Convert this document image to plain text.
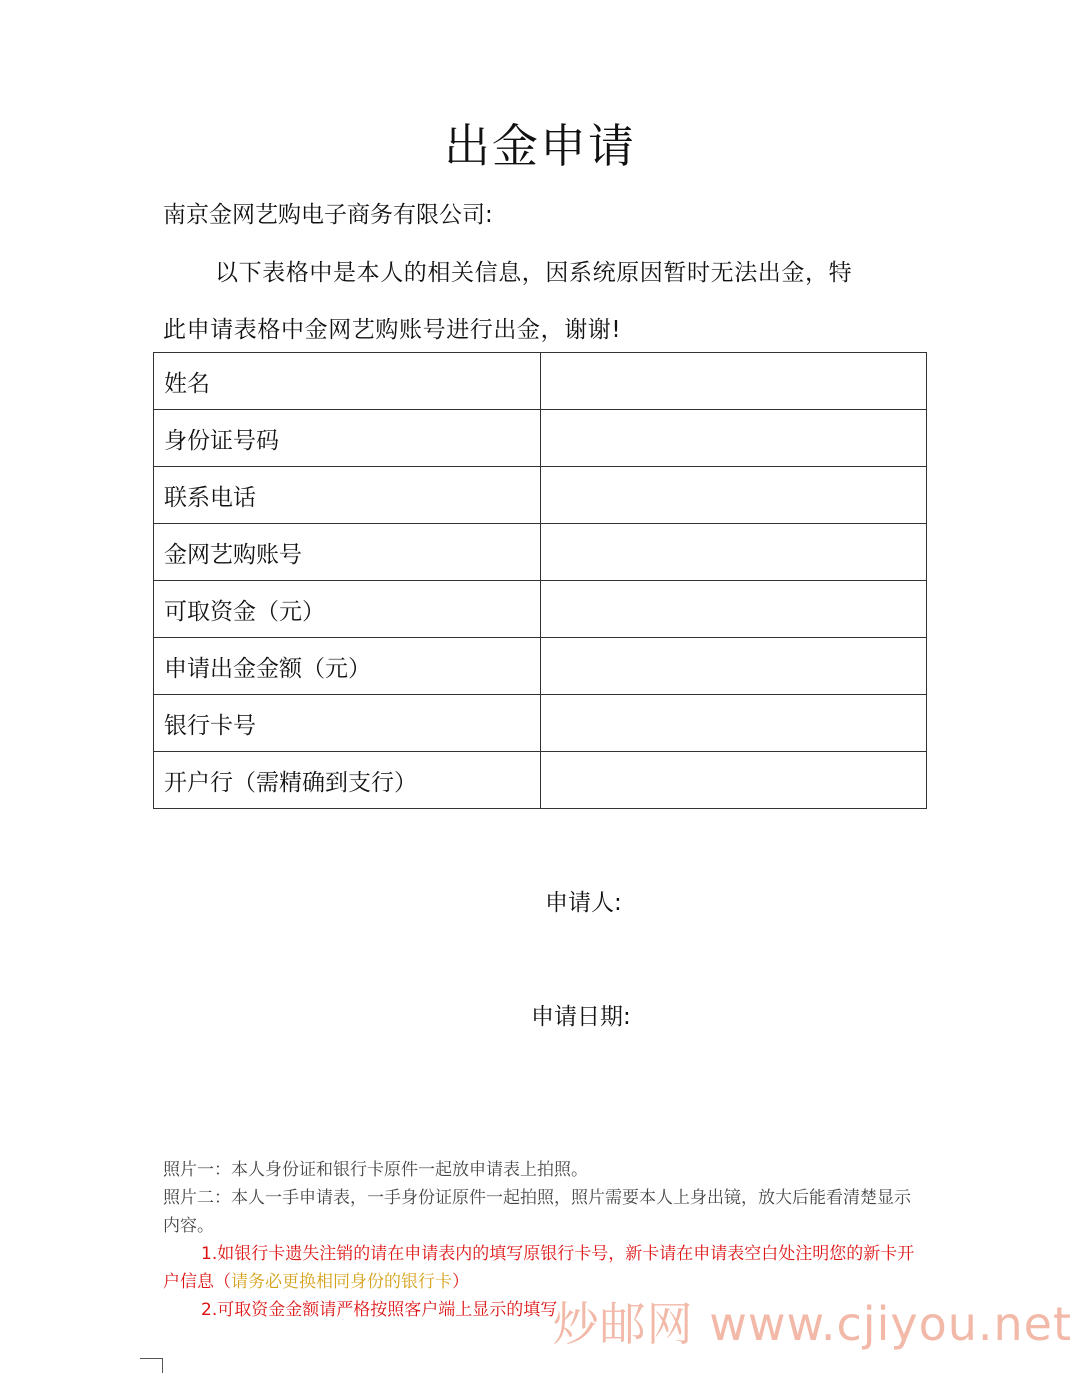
出金申请
南京金网艺购电子商务有限公司:
以下表格中是本人的相关信息，因系统原因暂时无法出金，特
此申请表格中金网艺购账号进行出金，谢谢!
姓名	
身份证号码	
联系电话	
金网艺购账号	
可取资金（元）	
申请出金金额（元）	
银行卡号	
开户行（需精确到支行）	
申请人:
申请日期:
照片一：本人身份证和银行卡原件一起放申请表上拍照。
照片二：本人一手申请表，一手身份证原件一起拍照，照片需要本人上身出镜，放大后能看清楚显示内容。
1.如银行卡遗失注销的请在申请表内的填写原银行卡号，新卡请在申请表空白处注明您的新卡开户信息（请务必更换相同身份的银行卡）
2.可取资金金额请严格按照客户端上显示的填写
炒邮网 www.cjiyou.net
